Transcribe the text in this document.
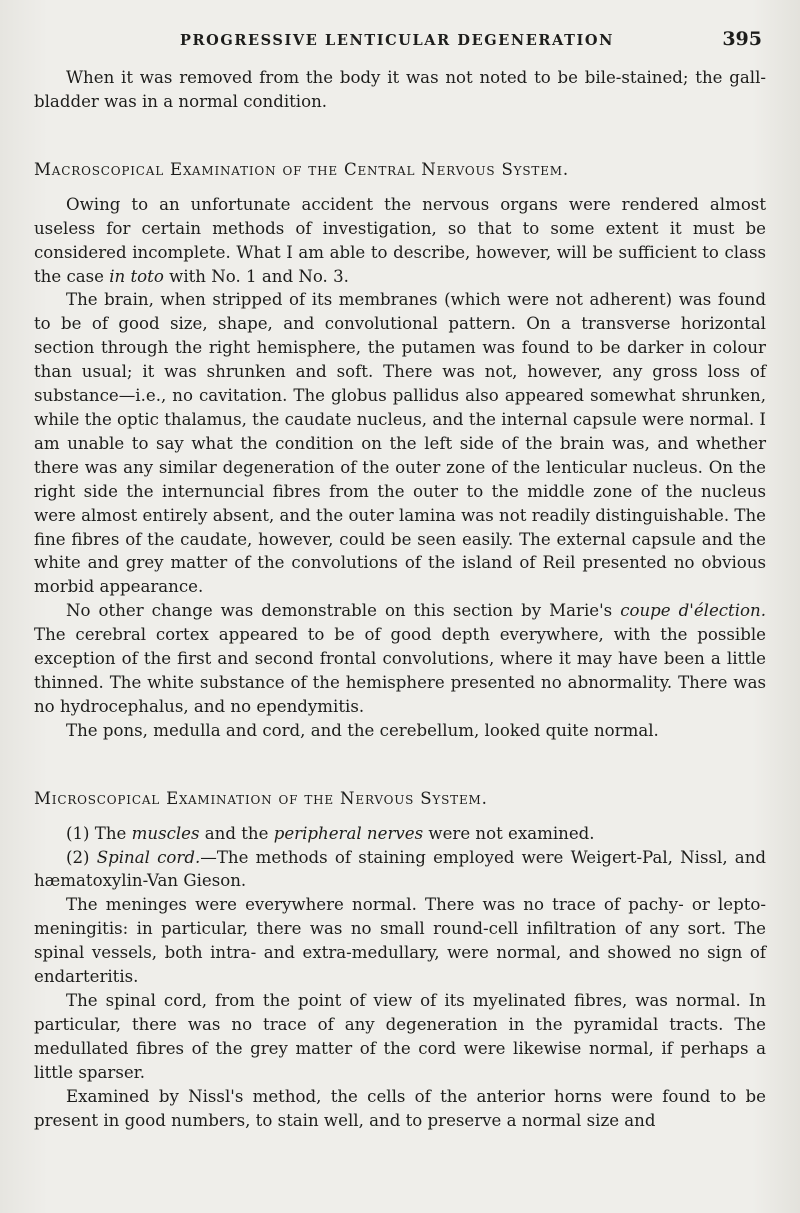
PROGRESSIVE LENTICULAR DEGENERATION	395

When it was removed from the body it was not noted to be bile-stained; the gall-bladder was in a normal condition.

Macroscopical Examination of the Central Nervous System.

Owing to an unfortunate accident the nervous organs were rendered almost useless for certain methods of investigation, so that to some extent it must be considered incomplete. What I am able to describe, however, will be sufficient to class the case in toto with No. 1 and No. 3.

The brain, when stripped of its membranes (which were not adherent) was found to be of good size, shape, and convolutional pattern. On a transverse horizontal section through the right hemisphere, the putamen was found to be darker in colour than usual; it was shrunken and soft. There was not, however, any gross loss of substance—i.e., no cavitation. The globus pallidus also appeared somewhat shrunken, while the optic thalamus, the caudate nucleus, and the internal capsule were normal. I am unable to say what the condition on the left side of the brain was, and whether there was any similar degeneration of the outer zone of the lenticular nucleus. On the right side the internuncial fibres from the outer to the middle zone of the nucleus were almost entirely absent, and the outer lamina was not readily distinguishable. The fine fibres of the caudate, however, could be seen easily. The external capsule and the white and grey matter of the convolutions of the island of Reil presented no obvious morbid appearance.

No other change was demonstrable on this section by Marie's coupe d'élection. The cerebral cortex appeared to be of good depth everywhere, with the possible exception of the first and second frontal convolutions, where it may have been a little thinned. The white substance of the hemisphere presented no abnormality. There was no hydrocephalus, and no ependymitis.

The pons, medulla and cord, and the cerebellum, looked quite normal.

Microscopical Examination of the Nervous System.

(1) The muscles and the peripheral nerves were not examined.

(2) Spinal cord.—The methods of staining employed were Weigert-Pal, Nissl, and hæmatoxylin-Van Gieson.

The meninges were everywhere normal. There was no trace of pachy- or lepto-meningitis: in particular, there was no small round-cell infiltration of any sort. The spinal vessels, both intra- and extra-medullary, were normal, and showed no sign of endarteritis.

The spinal cord, from the point of view of its myelinated fibres, was normal. In particular, there was no trace of any degeneration in the pyramidal tracts. The medullated fibres of the grey matter of the cord were likewise normal, if perhaps a little sparser.

Examined by Nissl's method, the cells of the anterior horns were found to be present in good numbers, to stain well, and to preserve a normal size and
